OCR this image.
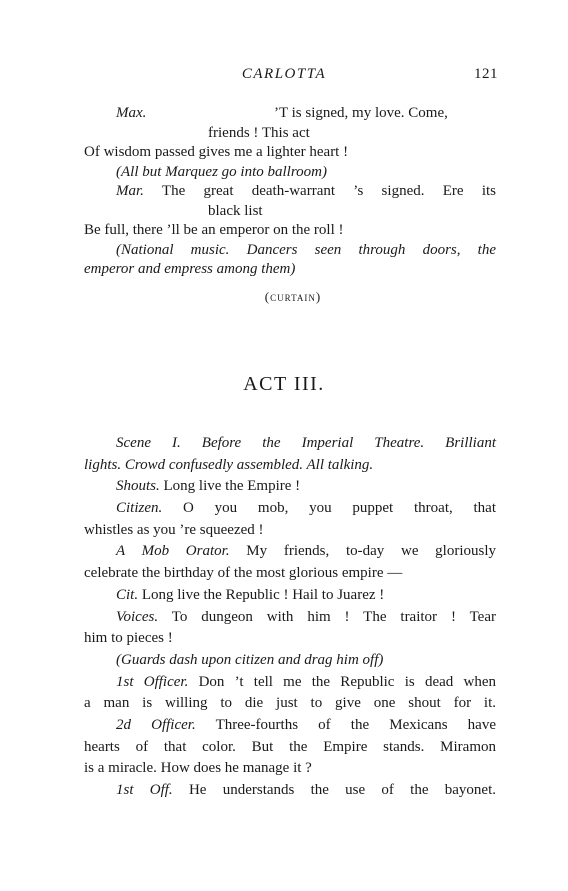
CARLOTTA	121
Max.	’T is signed, my love. Come,
friends ! This act
Of wisdom passed gives me a lighter heart !
(All but Marquez go into ballroom)
Mar. The great death-warrant ’s signed. Ere its
black list
Be full, there ’ll be an emperor on the roll !
(National music. Dancers seen through doors, the
emperor and empress among them)
(curtain)
ACT III.
Scene I. Before the Imperial Theatre. Brilliant
lights. Crowd confusedly assembled. All talking.
Shouts. Long live the Empire !
Citizen. O you mob, you puppet throat, that
whistles as you ’re squeezed !
A Mob Orator. My friends, to-day we gloriously
celebrate the birthday of the most glorious empire —
Cit. Long live the Republic ! Hail to Juarez !
Voices. To dungeon with him ! The traitor ! Tear
him to pieces !
(Guards dash upon citizen and drag him off)
1st Officer. Don ’t tell me the Republic is dead when
a man is willing to die just to give one shout for it.
2d Officer. Three-fourths of the Mexicans have
hearts of that color. But the Empire stands. Miramon
is a miracle. How does he manage it ?
1st Off. He understands the use of the bayonet.
